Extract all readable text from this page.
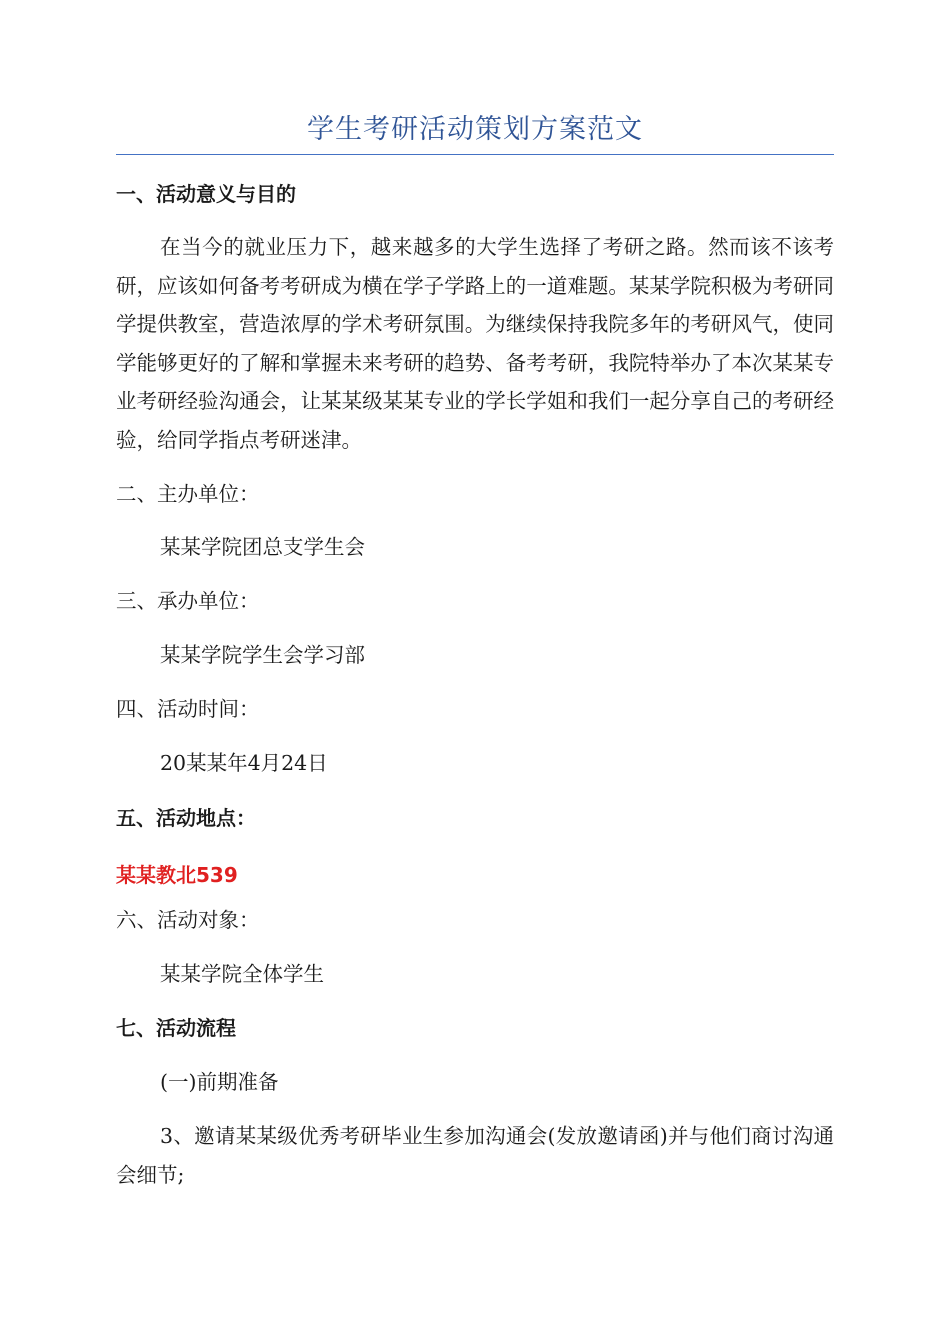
学生考研活动策划方案范文

一、活动意义与目的

在当今的就业压力下，越来越多的大学生选择了考研之路。然而该不该考研，应该如何备考考研成为横在学子学路上的一道难题。某某学院积极为考研同学提供教室，营造浓厚的学术考研氛围。为继续保持我院多年的考研风气，使同学能够更好的了解和掌握未来考研的趋势、备考考研，我院特举办了本次某某专业考研经验沟通会，让某某级某某专业的学长学姐和我们一起分享自己的考研经验，给同学指点考研迷津。

二、主办单位：

某某学院团总支学生会

三、承办单位：

某某学院学生会学习部

四、活动时间：

20某某年4月24日

五、活动地点：

某某教北539

六、活动对象：

某某学院全体学生

七、活动流程

(一)前期准备

3、邀请某某级优秀考研毕业生参加沟通会(发放邀请函)并与他们商讨沟通会细节;
